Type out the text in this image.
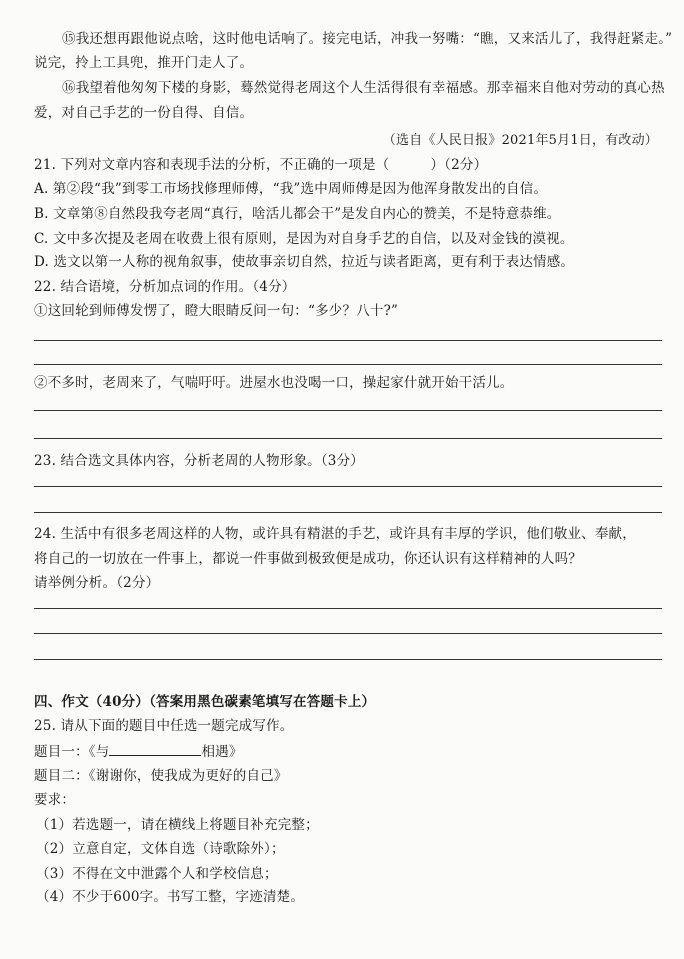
⑮我还想再跟他说点啥，这时他电话响了。接完电话，冲我一努嘴：“瞧，又来活儿了，我得赶紧走。”
说完，拎上工具兜，推开门走人了。
⑯我望着他匆匆下楼的身影，蓦然觉得老周这个人生活得很有幸福感。那幸福来自他对劳动的真心热
爱，对自己手艺的一份自得、自信。
（选自《人民日报》2021年5月1日，有改动）
21. 下列对文章内容和表现手法的分析，不正确的一项是（　　　）（2分）
A. 第②段“我”到零工市场找修理师傅，“我”选中周师傅是因为他浑身散发出的自信。
B. 文章第⑧自然段我夸老周“真行，啥活儿都会干”是发自内心的赞美，不是特意恭维。
C. 文中多次提及老周在收费上很有原则，是因为对自身手艺的自信，以及对金钱的漠视。
D. 选文以第一人称的视角叙事，使故事亲切自然，拉近与读者距离，更有利于表达情感。
22. 结合语境，分析加点词的作用。（4分）
①这回轮到师傅发愣了，瞪大眼睛反问一句：“多少？八十?”
②不多时，老周来了，气喘吁吁。进屋水也没喝一口，操起家什就开始干活儿。
23. 结合选文具体内容，分析老周的人物形象。（3分）
24. 生活中有很多老周这样的人物，或许具有精湛的手艺，或许具有丰厚的学识，他们敬业、奉献，
将自己的一切放在一件事上，都说一件事做到极致便是成功，你还认识有这样精神的人吗？
请举例分析。（2分）
四、作文（40分）（答案用黑色碳素笔填写在答题卡上）
25. 请从下面的题目中任选一题完成写作。
题目一：《与	相遇》
题目二：《谢谢你，使我成为更好的自己》
要求：
（1）若选题一，请在横线上将题目补充完整；
（2）立意自定，文体自选（诗歌除外）；
（3）不得在文中泄露个人和学校信息；
（4）不少于600字。书写工整，字迹清楚。
